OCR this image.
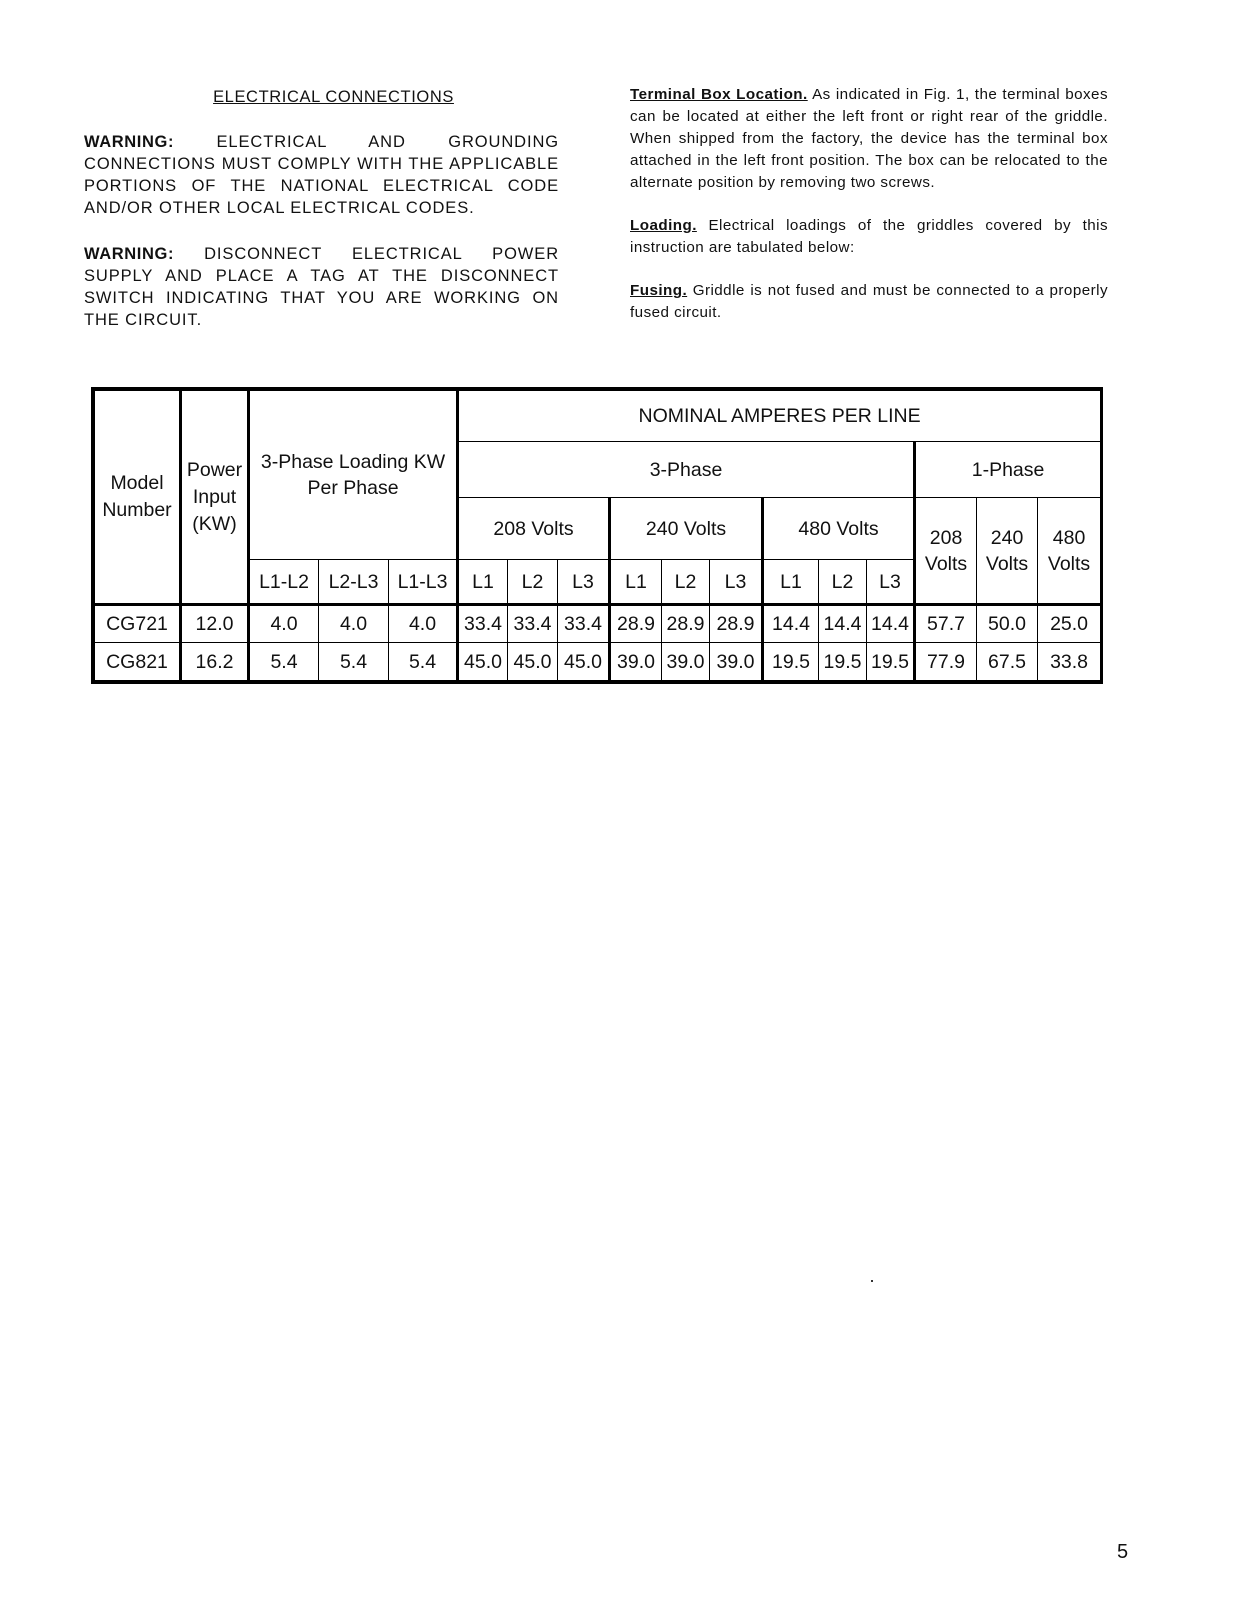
ELECTRICAL CONNECTIONS

WARNING:	ELECTRICAL AND GROUNDING CONNECTIONS MUST COMPLY WITH THE APPLICABLE PORTIONS OF THE NATIONAL ELECTRICAL CODE AND/OR OTHER LOCAL ELECTRICAL CODES.

WARNING: DISCONNECT ELECTRICAL POWER SUPPLY AND PLACE A TAG AT THE DISCONNECT SWITCH INDICATING THAT YOU ARE WORKING ON THE CIRCUIT.

Terminal Box Location. As indicated in Fig. 1, the terminal boxes can be located at either the left front or right rear of the griddle. When shipped from the factory, the device has the terminal box attached in the left front position. The box can be relocated to the alternate position by removing two screws.

Loading. Electrical loadings of the griddles covered by this instruction are tabulated below:

Fusing. Griddle is not fused and must be connected to a properly fused circuit.

Model Number	Power Input (KW)	3-Phase Loading KW Per Phase			NOMINAL AMPERES PER LINE											
					3-Phase									1-Phase		
					208 Volts			240 Volts			480 Volts			208 Volts	240 Volts	480 Volts
		L1-L2	L2-L3	L1-L3	L1	L2	L3	L1	L2	L3	L1	L2	L3			
CG721	12.0	4.0	4.0	4.0	33.4	33.4	33.4	28.9	28.9	28.9	14.4	14.4	14.4	57.7	50.0	25.0
CG821	16.2	5.4	5.4	5.4	45.0	45.0	45.0	39.0	39.0	39.0	19.5	19.5	19.5	77.9	67.5	33.8
5
